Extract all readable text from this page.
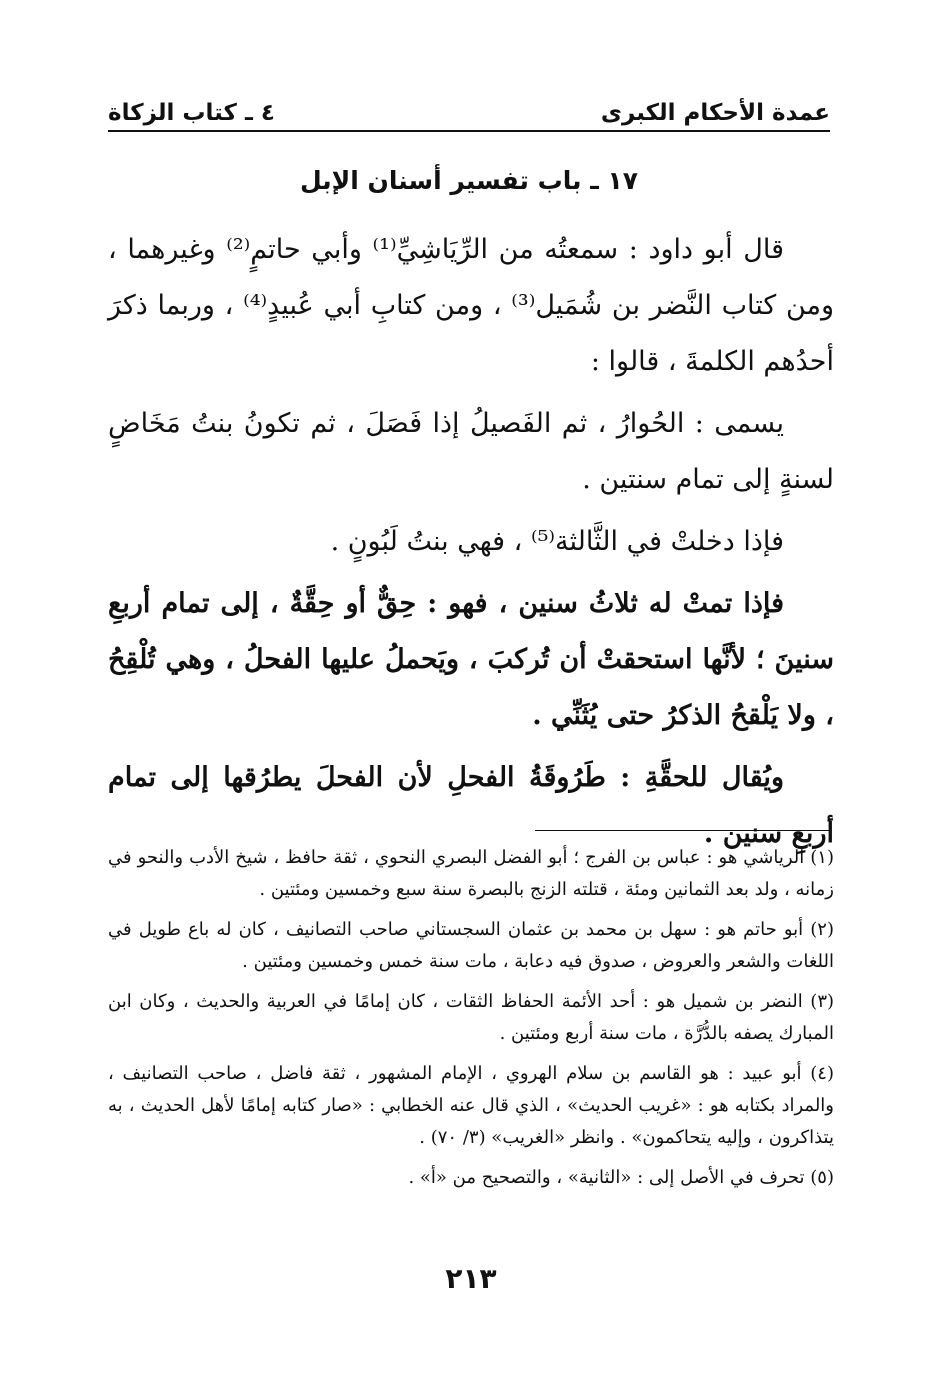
عمدة الأحكام الكبرى
٤ ـ كتاب الزكاة
١٧ ـ باب تفسير أسنان الإبل

قال أبو داود : سمعتُه من الرِّيَاشِيِّ⁽¹⁾ وأبي حاتمٍ⁽²⁾ وغيرهما ، ومن كتاب النَّضر بن شُمَيل⁽³⁾ ، ومن كتابِ أبي عُبيدٍ⁽⁴⁾ ، وربما ذكرَ أحدُهم الكلمةَ ، قالوا :

يسمى : الحُوارُ ، ثم الفَصيلُ إذا فَصَلَ ، ثم تكونُ بنتُ مَخَاضٍ لسنةٍ إلى تمام سنتين .

فإذا دخلتْ في الثَّالثة⁽⁵⁾ ، فهي بنتُ لَبُونٍ .

فإذا تمتْ له ثلاثُ سنين ، فهو : حِقٌّ أو حِقَّةٌ ، إلى تمام أربعِ سنينَ ؛ لأنَّها استحقتْ أن تُركبَ ، ويَحملُ عليها الفحلُ ، وهي تُلْقِحُ ، ولا يَلْقحُ الذكرُ حتى يُثَنِّي .

ويُقال للحقَّةِ : طَرُوقَةُ الفحلِ لأن الفحلَ يطرُقها إلى تمام أربعِ سنين .

(١) الرياشي هو : عباس بن الفرج ؛ أبو الفضل البصري النحوي ، ثقة حافظ ، شيخ الأدب والنحو في زمانه ، ولد بعد الثمانين ومئة ، قتلته الزنج بالبصرة سنة سبع وخمسين ومئتين .

(٢) أبو حاتم هو : سهل بن محمد بن عثمان السجستاني صاحب التصانيف ، كان له باع طويل في اللغات والشعر والعروض ، صدوق فيه دعابة ، مات سنة خمس وخمسين ومئتين .

(٣) النضر بن شميل هو : أحد الأئمة الحفاظ الثقات ، كان إمامًا في العربية والحديث ، وكان ابن المبارك يصفه بالدُّرَّة ، مات سنة أربع ومئتين .

(٤) أبو عبيد : هو القاسم بن سلام الهروي ، الإمام المشهور ، ثقة فاضل ، صاحب التصانيف ، والمراد بكتابه هو : «غريب الحديث» ، الذي قال عنه الخطابي : «صار كتابه إمامًا لأهل الحديث ، به يتذاكرون ، وإليه يتحاكمون» . وانظر «الغريب» (٣/ ٧٠) .

(٥) تحرف في الأصل إلى : «الثانية» ، والتصحيح من «أ» .

٢١٣
